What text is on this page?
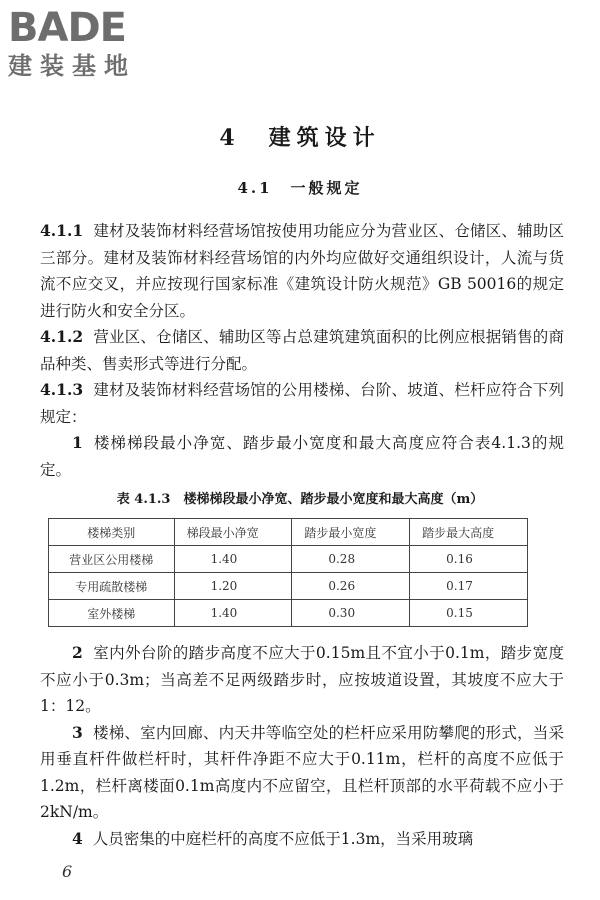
BADE
建装基地
4　建筑设计
4.1　一般规定

4.1.1 建材及装饰材料经营场馆按使用功能应分为营业区、仓储区、辅助区三部分。建材及装饰材料经营场馆的内外均应做好交通组织设计，人流与货流不应交叉，并应按现行国家标准《建筑设计防火规范》GB 50016的规定进行防火和安全分区。

4.1.2 营业区、仓储区、辅助区等占总建筑建筑面积的比例应根据销售的商品种类、售卖形式等进行分配。

4.1.3 建材及装饰材料经营场馆的公用楼梯、台阶、坡道、栏杆应符合下列规定：

1 楼梯梯段最小净宽、踏步最小宽度和最大高度应符合表4.1.3的规定。

表 4.1.3　楼梯梯段最小净宽、踏步最小宽度和最大高度（m）
楼梯类别	梯段最小净宽	踏步最小宽度	踏步最大高度
营业区公用楼梯	1.40	0.28	0.16
专用疏散楼梯	1.20	0.26	0.17
室外楼梯	1.40	0.30	0.15

2 室内外台阶的踏步高度不应大于0.15m且不宜小于0.1m，踏步宽度不应小于0.3m；当高差不足两级踏步时，应按坡道设置，其坡度不应大于1：12。

3 楼梯、室内回廊、内天井等临空处的栏杆应采用防攀爬的形式，当采用垂直杆件做栏杆时，其杆件净距不应大于0.11m，栏杆的高度不应低于1.2m，栏杆离楼面0.1m高度内不应留空，且栏杆顶部的水平荷载不应小于2kN/m。

4 人员密集的中庭栏杆的高度不应低于1.3m，当采用玻璃

6
